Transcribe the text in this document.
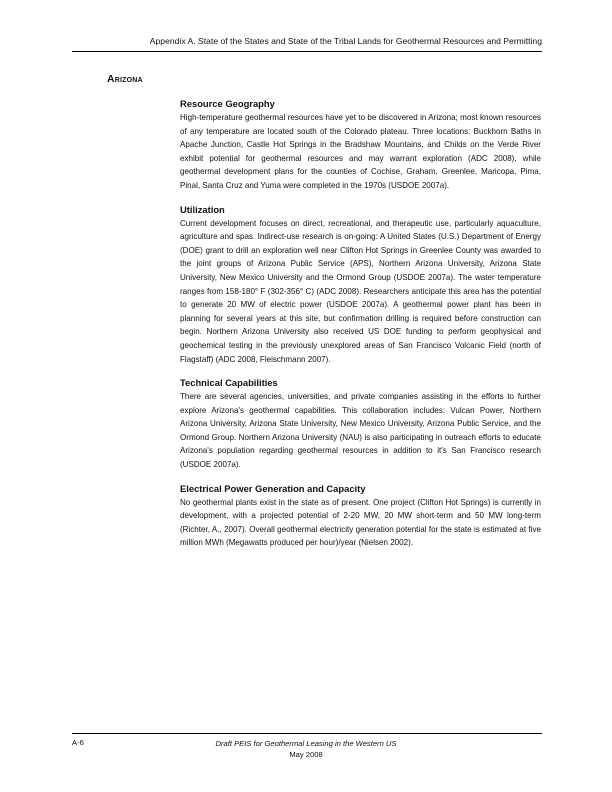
Appendix A. State of the States and State of the Tribal Lands for Geothermal Resources and Permitting
Arizona
Resource Geography

High-temperature geothermal resources have yet to be discovered in Arizona; most known resources of any temperature are located south of the Colorado plateau. Three locations: Buckhorn Baths in Apache Junction, Castle Hot Springs in the Bradshaw Mountains, and Childs on the Verde River exhibit potential for geothermal resources and may warrant exploration (ADC 2008), while geothermal development plans for the counties of Cochise, Graham, Greenlee, Maricopa, Pima, Pinal, Santa Cruz and Yuma were completed in the 1970s (USDOE 2007a).

Utilization

Current development focuses on direct, recreational, and therapeutic use, particularly aquaculture, agriculture and spas. Indirect-use research is on-going: A United States (U.S.) Department of Energy (DOE) grant to drill an exploration well near Clifton Hot Springs in Greenlee County was awarded to the joint groups of Arizona Public Service (APS), Northern Arizona University, Arizona State University, New Mexico University and the Ormond Group (USDOE 2007a). The water temperature ranges from 158-180° F (302-356° C) (ADC 2008). Researchers anticipate this area has the potential to generate 20 MW of electric power (USDOE 2007a). A geothermal power plant has been in planning for several years at this site, but confirmation drilling is required before construction can begin. Northern Arizona University also received US DOE funding to perform geophysical and geochemical testing in the previously unexplored areas of San Francisco Volcanic Field (north of Flagstaff) (ADC 2008, Fleischmann 2007).

Technical Capabilities

There are several agencies, universities, and private companies assisting in the efforts to further explore Arizona's geothermal capabilities. This collaboration includes: Vulcan Power, Northern Arizona University, Arizona State University, New Mexico University, Arizona Public Service, and the Ormond Group. Northern Arizona University (NAU) is also participating in outreach efforts to educate Arizona's population regarding geothermal resources in addition to it's San Francisco research (USDOE 2007a).

Electrical Power Generation and Capacity

No geothermal plants exist in the state as of present. One project (Clifton Hot Springs) is currently in development, with a projected potential of 2-20 MW, 20 MW short-term and 50 MW long-term (Richter, A., 2007). Overall geothermal electricity generation potential for the state is estimated at five million MWh (Megawatts produced per hour)/year (Nielsen 2002).

A-6	Draft PEIS for Geothermal Leasing in the Western US
May 2008
